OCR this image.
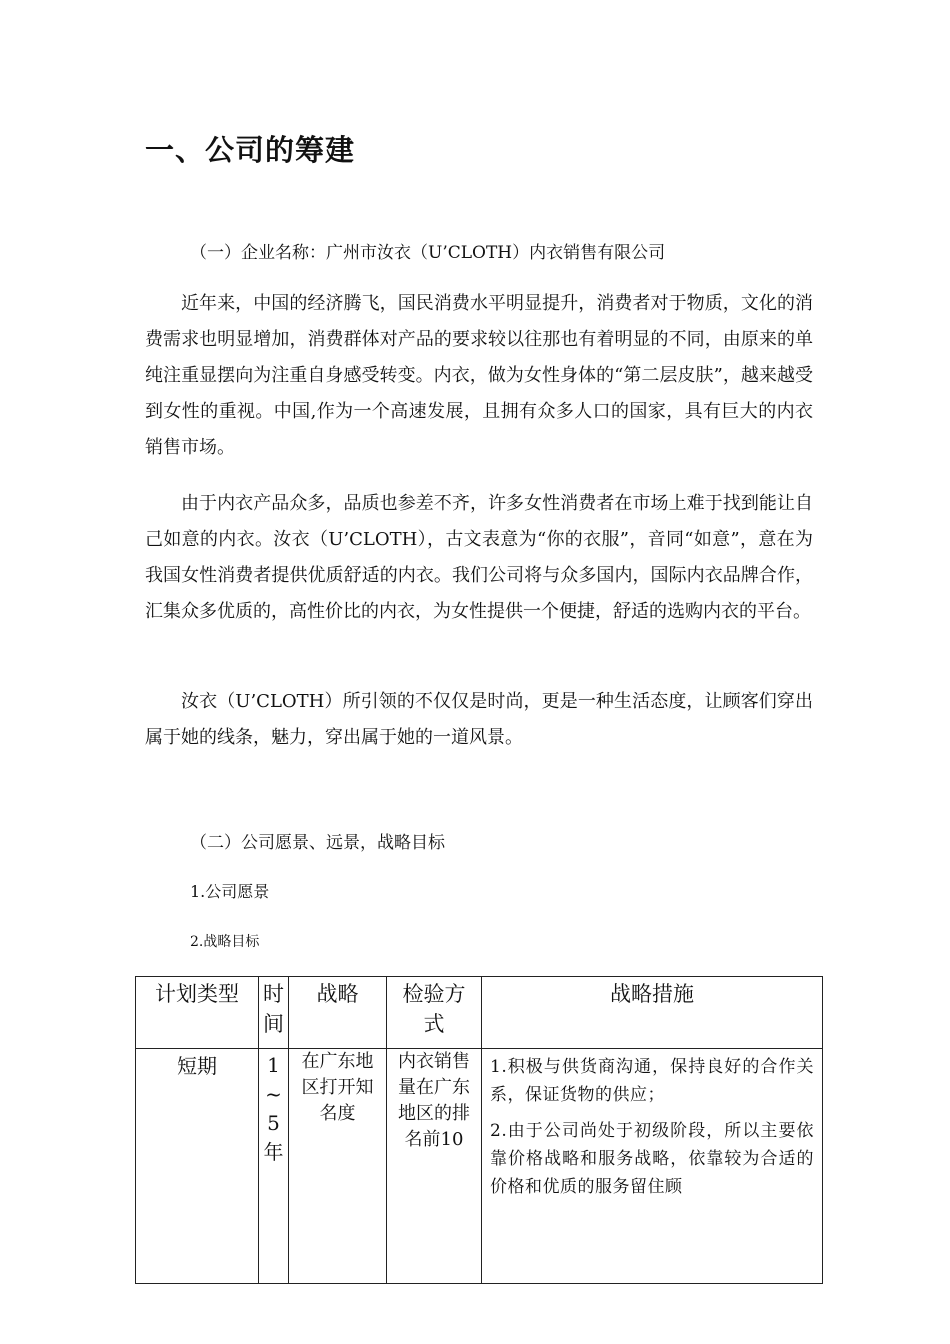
一、公司的筹建
（一）企业名称：广州市汝衣（U’CLOTH）内衣销售有限公司
近年来，中国的经济腾飞，国民消费水平明显提升，消费者对于物质，文化的消费需求也明显增加，消费群体对产品的要求较以往那也有着明显的不同，由原来的单纯注重显摆向为注重自身感受转变。内衣，做为女性身体的“第二层皮肤”，越来越受到女性的重视。中国,作为一个高速发展，且拥有众多人口的国家，具有巨大的内衣销售市场。
由于内衣产品众多，品质也参差不齐，许多女性消费者在市场上难于找到能让自己如意的内衣。汝衣（U’CLOTH），古文表意为“你的衣服”，音同“如意”，意在为我国女性消费者提供优质舒适的内衣。我们公司将与众多国内，国际内衣品牌合作，汇集众多优质的，高性价比的内衣，为女性提供一个便捷，舒适的选购内衣的平台。
汝衣（U’CLOTH）所引领的不仅仅是时尚，更是一种生活态度，让顾客们穿出属于她的线条，魅力，穿出属于她的一道风景。
（二）公司愿景、远景，战略目标
1.公司愿景
2.战略目标
计划类型	时间	战略	检验方式	战略措施
短期	1~5年	在广东地区打开知名度	内衣销售量在广东地区的排名前10	1.积极与供货商沟通，保持良好的合作关系，保证货物的供应；

2.由于公司尚处于初级阶段，所以主要依靠价格战略和服务战略，依靠较为合适的价格和优质的服务留住顾
